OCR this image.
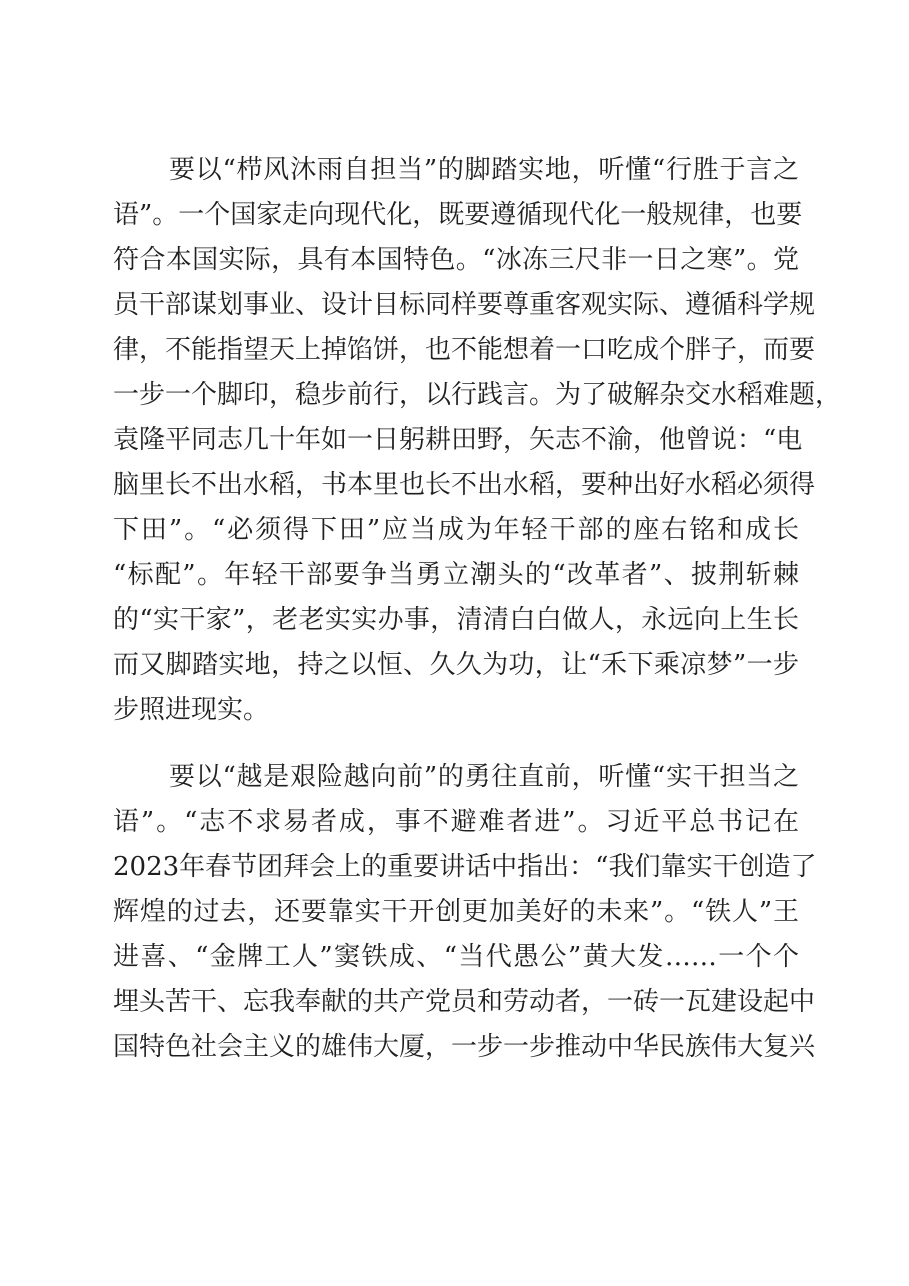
要以“栉风沐雨自担当”的脚踏实地，听懂“行胜于言之
语”。一个国家走向现代化，既要遵循现代化一般规律，也要
符合本国实际，具有本国特色。“冰冻三尺非一日之寒”。党
员干部谋划事业、设计目标同样要尊重客观实际、遵循科学规
律，不能指望天上掉馅饼，也不能想着一口吃成个胖子，而要
一步一个脚印，稳步前行，以行践言。为了破解杂交水稻难题，
袁隆平同志几十年如一日躬耕田野，矢志不渝，他曾说：“电
脑里长不出水稻，书本里也长不出水稻，要种出好水稻必须得
下田”。“必须得下田”应当成为年轻干部的座右铭和成长
“标配”。年轻干部要争当勇立潮头的“改革者”、披荆斩棘
的“实干家”，老老实实办事，清清白白做人，永远向上生长
而又脚踏实地，持之以恒、久久为功，让“禾下乘凉梦”一步
步照进现实。
要以“越是艰险越向前”的勇往直前，听懂“实干担当之
语”。“志不求易者成，事不避难者进”。习近平总书记在
2023年春节团拜会上的重要讲话中指出：“我们靠实干创造了
辉煌的过去，还要靠实干开创更加美好的未来”。“铁人”王
进喜、“金牌工人”窦铁成、“当代愚公”黄大发……一个个
埋头苦干、忘我奉献的共产党员和劳动者，一砖一瓦建设起中
国特色社会主义的雄伟大厦，一步一步推动中华民族伟大复兴
